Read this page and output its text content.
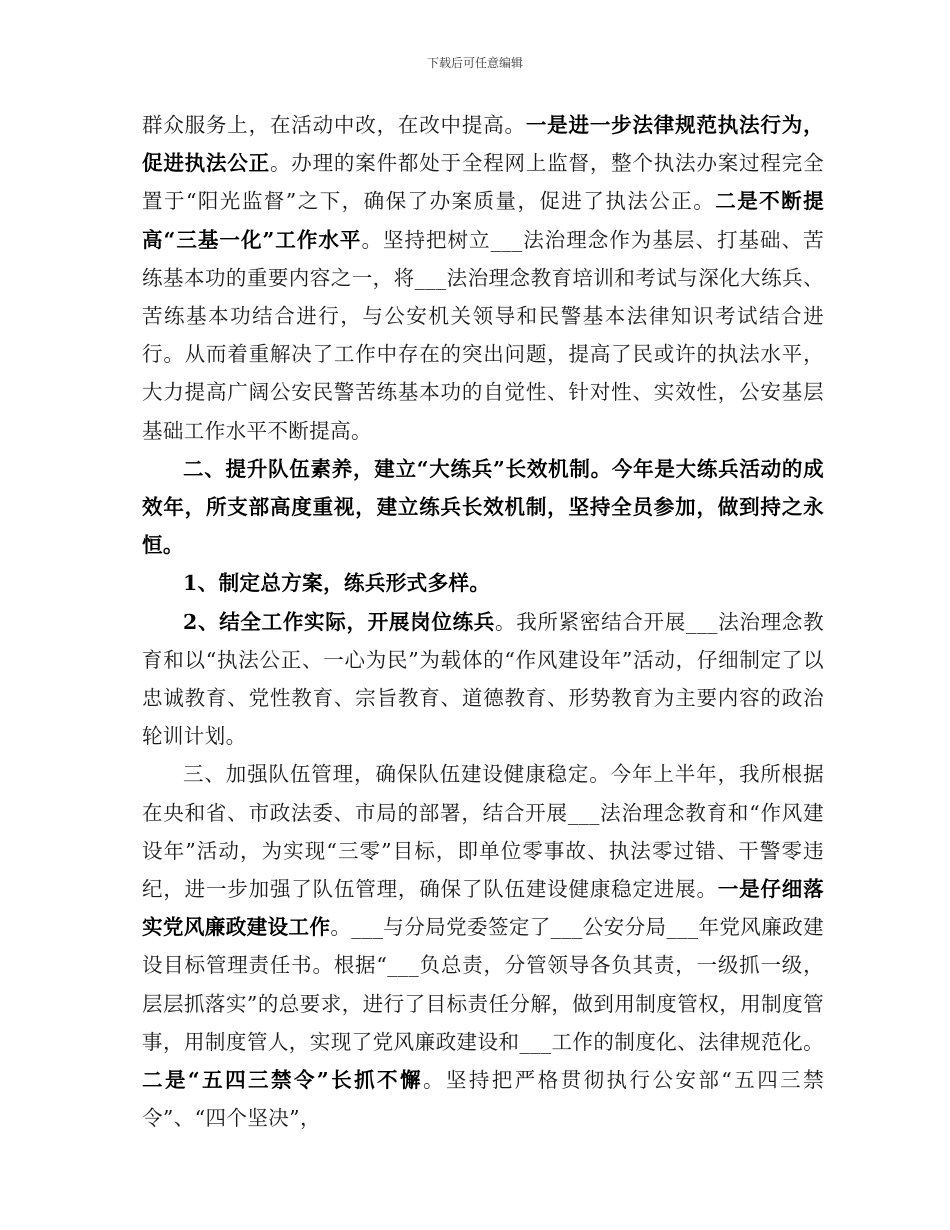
下载后可任意编辑

群众服务上，在活动中改，在改中提高。一是进一步法律规范执法行为，促进执法公正。办理的案件都处于全程网上监督，整个执法办案过程完全置于“阳光监督”之下，确保了办案质量，促进了执法公正。二是不断提高“三基一化”工作水平。坚持把树立___法治理念作为基层、打基础、苦练基本功的重要内容之一，将___法治理念教育培训和考试与深化大练兵、苦练基本功结合进行，与公安机关领导和民警基本法律知识考试结合进行。从而着重解决了工作中存在的突出问题，提高了民或许的执法水平，大力提高广阔公安民警苦练基本功的自觉性、针对性、实效性，公安基层基础工作水平不断提高。

二、提升队伍素养，建立“大练兵”长效机制。今年是大练兵活动的成效年，所支部高度重视，建立练兵长效机制，坚持全员参加，做到持之永恒。

1、制定总方案，练兵形式多样。

2、结全工作实际，开展岗位练兵。我所紧密结合开展___法治理念教育和以“执法公正、一心为民”为载体的“作风建设年”活动，仔细制定了以忠诚教育、党性教育、宗旨教育、道德教育、形势教育为主要内容的政治轮训计划。

三、加强队伍管理，确保队伍建设健康稳定。今年上半年，我所根据在央和省、市政法委、市局的部署，结合开展___法治理念教育和“作风建设年”活动，为实现“三零”目标，即单位零事故、执法零过错、干警零违纪，进一步加强了队伍管理，确保了队伍建设健康稳定进展。一是仔细落实党风廉政建设工作。___与分局党委签定了___公安分局___年党风廉政建设目标管理责任书。根据“___负总责，分管领导各负其责，一级抓一级，层层抓落实”的总要求，进行了目标责任分解，做到用制度管权，用制度管事，用制度管人，实现了党风廉政建设和___工作的制度化、法律规范化。二是“五四三禁令”长抓不懈。坚持把严格贯彻执行公安部“五四三禁令”、“四个坚决”，
